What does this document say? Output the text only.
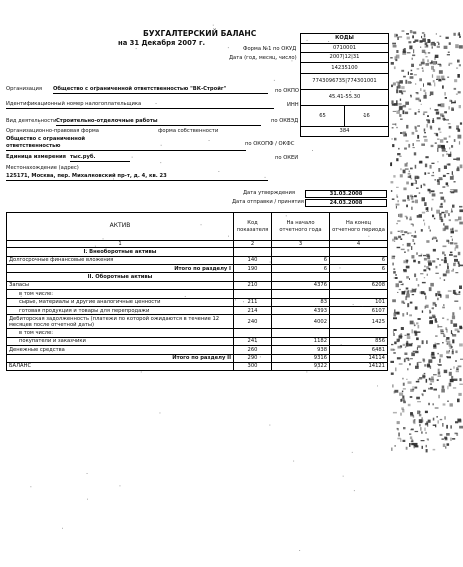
БУХГАЛТЕРСКИЙ БАЛАНС
на 31 Декабря 2007 г.
КОДЫ
0710001
2007|12|31
14235100
7743096735|774301001
45.41-55.30
65	16
384
Форма №1 по ОКУД
Дата (год, месяц, число)
по ОКПО
ИНН
по ОКВЭД
по ОКОПФ / ОКФС
по ОКЕИ
Организация Общество с ограниченной ответственностью "ВК-Стройг"
Идентификационный номер налогоплательщика
Вид деятельности Строительно-отделочные работы
Организационно-правовая форма	форма собственности
Общество с ограниченной
ответственностью
Единица измерения тыс.руб.
Местонахождение (адрес)
125171, Москва, пер. Михалковский пр-т, д. 4, кв. 23
Дата утверждения	31.03.2008
Дата отправки / принятия	24.03.2008
АКТИВ	Код показателя	На начало отчетного года	На конец отчетного периода
1	2	3	4
I. Внеоборотные активы			
Долгосрочные финансовые вложения	140	6	6
Итого по разделу I	190	6	6
II. Оборотные активы			
Запасы	210	4376	6208
в том числе:			
сырье, материалы и другие аналогичные ценности	211	83	101
готовая продукция и товары для перепродажи	214	4393	6107
Дебиторская задолженность (платежи по которой ожидаются в течение 12 месяцев после отчетной даты)	240	4002	1425
в том числе:			
покупатели и заказчики	241	1182	856
Денежные средства	260	938	6481
Итого по разделу II	290	9316	14114
БАЛАНС	300	9322	14121
